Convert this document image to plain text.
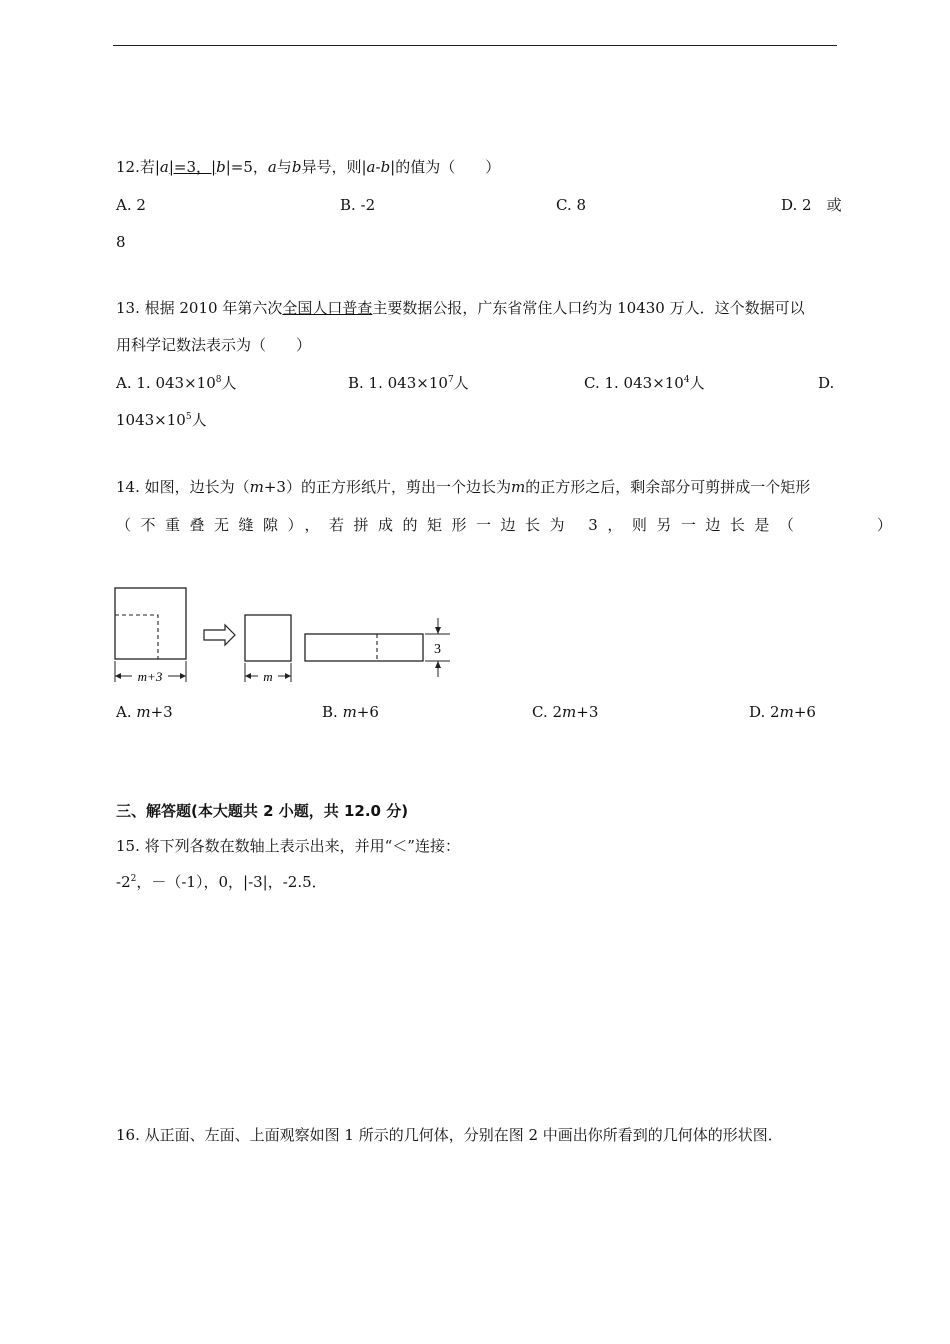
12.若|a|=3，|b|=5，a与b异号，则|a-b|的值为（　　）
A. 2	B. -2	C. 8	D. 2　或
8
13. 根据 2010 年第六次全国人口普查主要数据公报，广东省常住人口约为 10430 万人．这个数据可以
用科学记数法表示为（　　）
A. 1. $043\times 10^8$人	B. 1. $043\times 10^7$人	C. 1. $043\times 10^4$人	D.
$1043\times 10^5$人
14. 如图，边长为（m+3）的正方形纸片，剪出一个边长为m的正方形之后，剩余部分可剪拼成一个矩形
（不重叠无缝隙），若拼成的矩形一边长为 3，则另一边长是（　　　）
m+3	m
3
A. m+3	B. m+6	C. 2m+3	D. 2m+6
三、解答题(本大题共 2 小题，共 12.0 分)
15. 将下列各数在数轴上表示出来，并用“＜”连接：
$-2^2$，－（-1），0，|-3|，-2.5．
16. 从正面、左面、上面观察如图 1 所示的几何体，分别在图 2 中画出你所看到的几何体的形状图．
